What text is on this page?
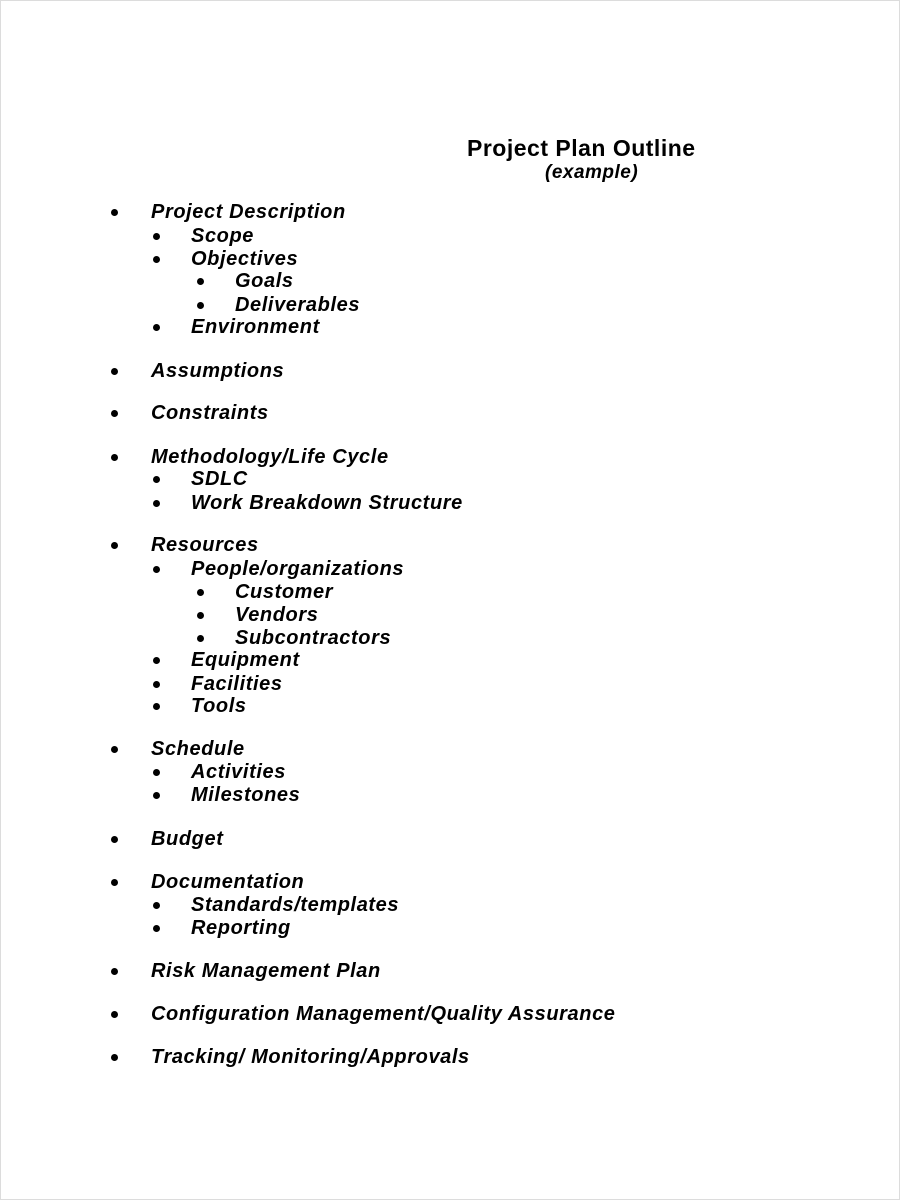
Project Plan Outline
(example)
Project Description
Scope
Objectives
Goals
Deliverables
Environment
Assumptions
Constraints
Methodology/Life Cycle
SDLC
Work Breakdown Structure
Resources
People/organizations
Customer
Vendors
Subcontractors
Equipment
Facilities
Tools
Schedule
Activities
Milestones
Budget
Documentation
Standards/templates
Reporting
Risk Management Plan
Configuration Management/Quality Assurance
Tracking/ Monitoring/Approvals
